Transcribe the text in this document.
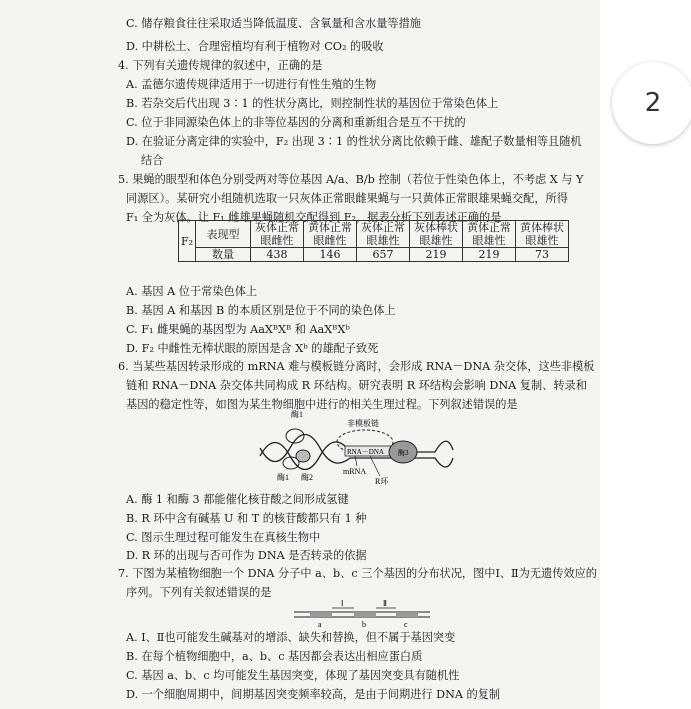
2
C. 储存粮食往往采取适当降低温度、含氧量和含水量等措施
D. 中耕松土、合理密植均有利于植物对 CO₂ 的吸收
4. 下列有关遗传规律的叙述中，正确的是
A. 孟德尔遗传规律适用于一切进行有性生殖的生物
B. 若杂交后代出现 3∶1 的性状分离比，则控制性状的基因位于常染色体上
C. 位于非同源染色体上的非等位基因的分离和重新组合是互不干扰的
D. 在验证分离定律的实验中，F₂ 出现 3∶1 的性状分离比依赖于雌、雄配子数量相等且随机
结合
5. 果蝇的眼型和体色分别受两对等位基因 A/a、B/b 控制（若位于性染色体上，不考虑 X 与 Y
同源区）。某研究小组随机选取一只灰体正常眼雌果蝇与一只黄体正常眼雄果蝇交配，所得
F₁ 全为灰体。让 F₁ 雌雄果蝇随机交配得到 F₂，据表分析下列表述正确的是
F₂	表现型	灰体正常眼雌性	黄体正常眼雌性	灰体正常眼雄性	灰体棒状眼雄性	黄体正常眼雄性	黄体棒状眼雄性
	数量	438	146	657	219	219	73
A. 基因 A 位于常染色体上
B. 基因 A 和基因 B 的本质区别是位于不同的染色体上
C. F₁ 雌果蝇的基因型为 AaXᴮXᴮ 和 AaXᴮXᵇ
D. F₂ 中雌性无棒状眼的原因是含 Xᵇ 的雄配子致死
6. 当某些基因转录形成的 mRNA 难与模板链分离时，会形成 RNA－DNA 杂交体，这些非模板
链和 RNA－DNA 杂交体共同构成 R 环结构。研究表明 R 环结构会影响 DNA 复制、转录和
基因的稳定性等，如图为某生物细胞中进行的相关生理过程。下列叙述错误的是
酶1
酶1 酶2
酶3
非模板链
RNA－DNA
mRNA
R环
A. 酶 1 和酶 3 都能催化核苷酸之间形成氢键
B. R 环中含有碱基 U 和 T 的核苷酸都只有 1 种
C. 图示生理过程可能发生在真核生物中
D. R 环的出现与否可作为 DNA 是否转录的依据
7. 下图为某植物细胞一个 DNA 分子中 a、b、c 三个基因的分布状况，图中Ⅰ、Ⅱ为无遗传效应的
序列。下列有关叙述错误的是
Ⅰ	Ⅱ
a	b	c
A. Ⅰ、Ⅱ也可能发生碱基对的增添、缺失和替换，但不属于基因突变
B. 在每个植物细胞中，a、b、c 基因都会表达出相应蛋白质
C. 基因 a、b、c 均可能发生基因突变，体现了基因突变具有随机性
D. 一个细胞周期中，间期基因突变频率较高，是由于间期进行 DNA 的复制
